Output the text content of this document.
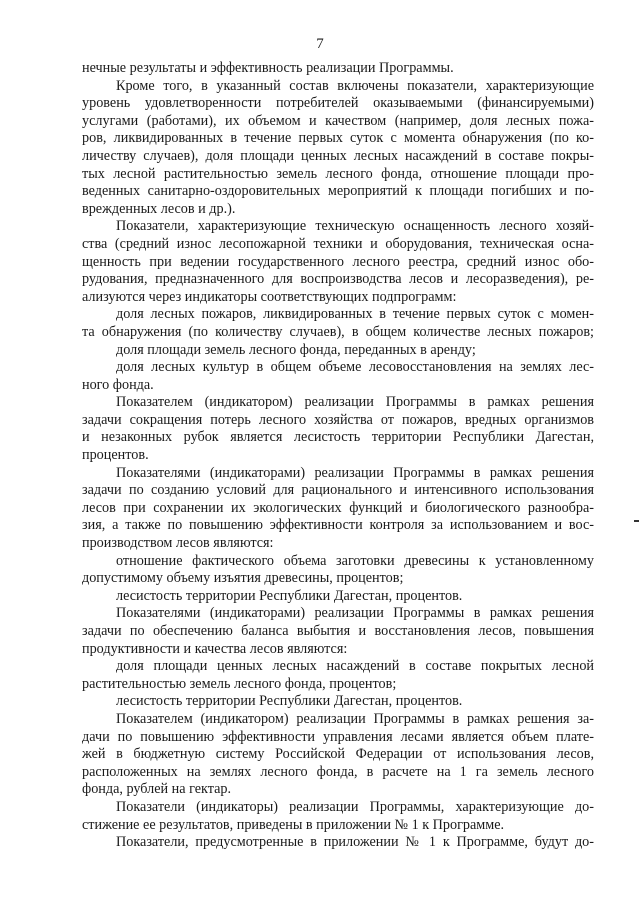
7
нечные результаты и эффективность реализации Программы.
Кроме того, в указанный состав включены показатели, характеризующие
уровень удовлетворенности потребителей оказываемыми (финансируемыми)
услугами (работами), их объемом и качеством (например, доля лесных пожа-
ров, ликвидированных в течение первых суток с момента обнаружения (по ко-
личеству случаев), доля площади ценных лесных насаждений в составе покры-
тых лесной растительностью земель лесного фонда, отношение площади про-
веденных санитарно-оздоровительных мероприятий к площади погибших и по-
врежденных лесов и др.).
Показатели, характеризующие техническую оснащенность лесного хозяй-
ства (средний износ лесопожарной техники и оборудования, техническая осна-
щенность при ведении государственного лесного реестра, средний износ обо-
рудования, предназначенного для воспроизводства лесов и лесоразведения), ре-
ализуются через индикаторы соответствующих подпрограмм:
доля лесных пожаров, ликвидированных в течение первых суток с момен-
та обнаружения (по количеству случаев), в общем количестве лесных пожаров;
доля площади земель лесного фонда, переданных в аренду;
доля лесных культур в общем объеме лесовосстановления на землях лес-
ного фонда.
Показателем (индикатором) реализации Программы в рамках решения
задачи сокращения потерь лесного хозяйства от пожаров, вредных организмов
и незаконных рубок является лесистость территории Республики Дагестан,
процентов.
Показателями (индикаторами) реализации Программы в рамках решения
задачи по созданию условий для рационального и интенсивного использования
лесов при сохранении их экологических функций и биологического разнообра-
зия, а также по повышению эффективности контроля за использованием и вос-
производством лесов являются:
отношение фактического объема заготовки древесины к установленному
допустимому объему изъятия древесины, процентов;
лесистость территории Республики Дагестан, процентов.
Показателями (индикаторами) реализации Программы в рамках решения
задачи по обеспечению баланса выбытия и восстановления лесов, повышения
продуктивности и качества лесов являются:
доля площади ценных лесных насаждений в составе покрытых лесной
растительностью земель лесного фонда, процентов;
лесистость территории Республики Дагестан, процентов.
Показателем (индикатором) реализации Программы в рамках решения за-
дачи по повышению эффективности управления лесами является объем плате-
жей в бюджетную систему Российской Федерации от использования лесов,
расположенных на землях лесного фонда, в расчете на 1 га земель лесного
фонда, рублей на гектар.
Показатели (индикаторы) реализации Программы, характеризующие до-
стижение ее результатов, приведены в приложении № 1 к Программе.
Показатели, предусмотренные в приложении № 1 к Программе, будут до-
